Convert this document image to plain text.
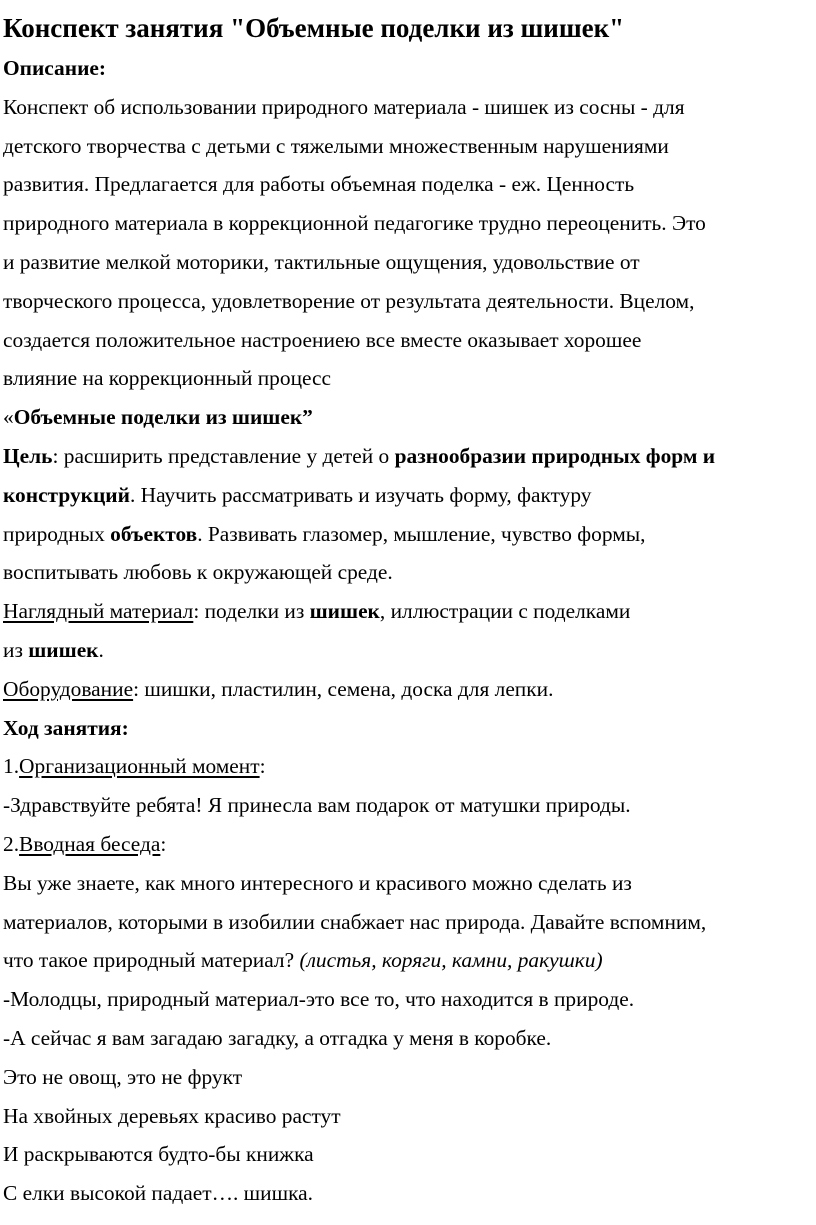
Конспект занятия "Объемные поделки из шишек"

Описание:

Конспект об использовании природного материала - шишек из сосны - для

детского творчества с детьми с тяжелыми множественным нарушениями

развития. Предлагается для работы объемная поделка - еж. Ценность

природного материала в коррекционной педагогике трудно переоценить. Это

и развитие мелкой моторики, тактильные ощущения, удовольствие от

творческого процесса, удовлетворение от результата деятельности. Вцелом,

создается положительное настроениею все вместе оказывает хорошее

влияние на коррекционный процесс

«Объемные поделки из шишек”

Цель: расширить представление у детей о разнообразии природных форм и

конструкций. Научить рассматривать и изучать форму, фактуру

природных объектов. Развивать глазомер, мышление, чувство формы,

воспитывать любовь к окружающей среде.

Наглядный материал: поделки из шишек, иллюстрации с поделками

из шишек.

Оборудование: шишки, пластилин, семена, доска для лепки.

Ход занятия:

1.Организационный момент:

-Здравствуйте ребята! Я принесла вам подарок от матушки природы.

2.Вводная беседа:

Вы уже знаете, как много интересного и красивого можно сделать из

материалов, которыми в изобилии снабжает нас природа. Давайте вспомним,

что такое природный материал? (листья, коряги, камни, ракушки)

-Молодцы, природный материал-это все то, что находится в природе.

-А сейчас я вам загадаю загадку, а отгадка у меня в коробке.

Это не овощ, это не фрукт

На хвойных деревьях красиво растут

И раскрываются будто-бы книжка

С елки высокой падает…. шишка.
